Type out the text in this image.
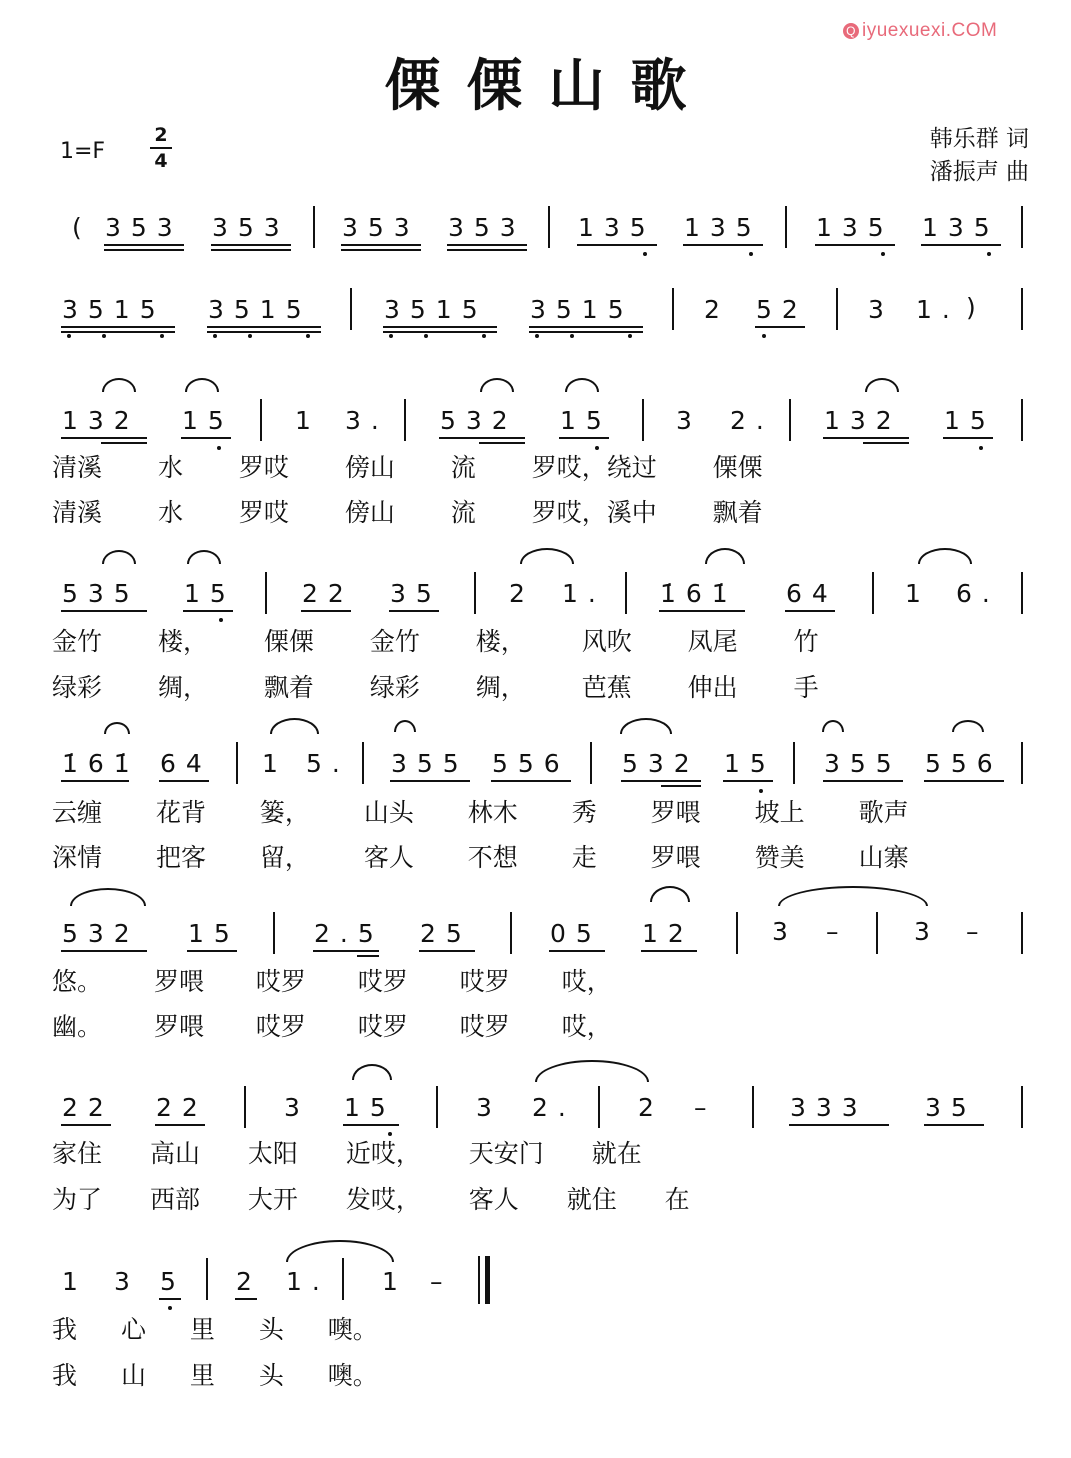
Q iyuexuexi.COM
傈傈山歌
1=F
2
4
韩乐群 词
潘振声 曲
( 353 353 353 353 135 135 135 135
3515 3515	3515 3515	2 52 3 1. )
132 15 1 3. 532 15	3 2. 132 15
清溪 水 罗哎 傍山 流 罗哎，绕过 傈傈
清溪 水 罗哎 傍山 流 罗哎，溪中 飘着
535 15	22 35	2 1. 1̇61̇ 64	1 6.
金竹 楼， 傈傈 金竹 楼， 风吹 凤尾 竹
绿彩 绸， 飘着 绿彩 绸， 芭蕉 伸出 手
1̇61̇ 64 1 5. 355 556 532 15 355 556
云缠 花背 篓， 山头 林木 秀 罗喂 坡上 歌声
深情 把客 留， 客人 不想 走 罗喂 赞美 山寨
532 15	2.5 25	05 12	3 –	3 –
悠。 罗喂 哎罗 哎罗 哎罗 哎，
幽。 罗喂 哎罗 哎罗 哎罗 哎，
22 22	3 15	3 2. 2 –	333 35
家住 高山 太阳 近哎， 天安门 就在
为了 西部 大开 发哎， 客人 就住 在
1 3 5 2 1. 1 –
我 心 里 头 噢。
我 山 里 头 噢。
